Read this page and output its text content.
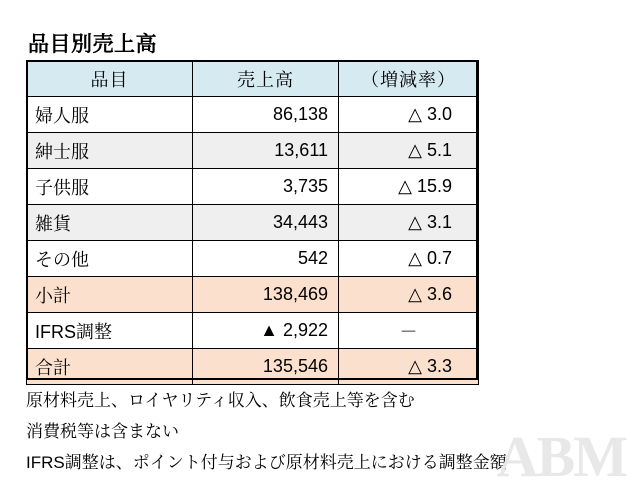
品目別売上高
品目	売上高	（増減率）
婦人服	86,138	△ 3.0
紳士服	13,611	△ 5.1
子供服	3,735	△ 15.9
雑貨	34,443	△ 3.1
その他	542	△ 0.7
小計	138,469	△ 3.6
IFRS調整	▲ 2,922	－
合計	135,546	△ 3.3
原材料売上、ロイヤリティ収入、飲食売上等を含む
消費税等は含まない
IFRS調整は、ポイント付与および原材料売上における調整金額
ABM
